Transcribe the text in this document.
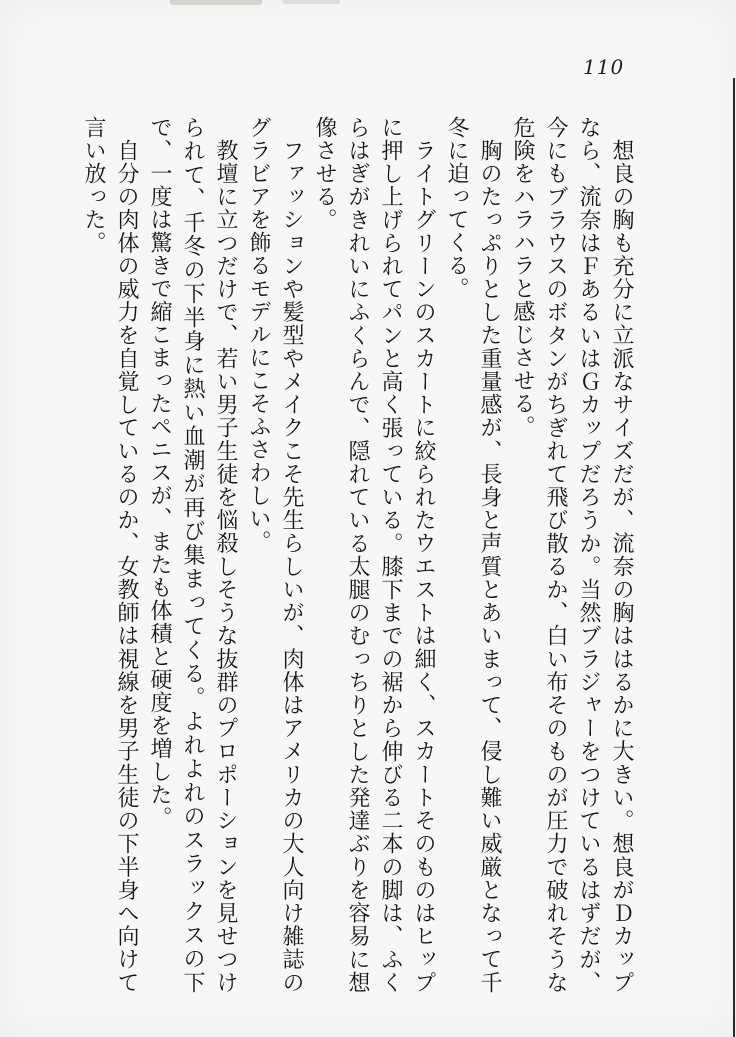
110

想良の胸も充分に立派なサイズだが、流奈の胸ははるかに大きい。想良がＤカップなら、流奈はＦあるいはＧカップだろうか。当然ブラジャーをつけているはずだが、今にもブラウスのボタンがちぎれて飛び散るか、白い布そのものが圧力で破れそうな危険をハラハラと感じさせる。

胸のたっぷりとした重量感が、長身と声質とあいまって、侵し難い威厳となって千冬に迫ってくる。

ライトグリーンのスカートに絞られたウエストは細く、スカートそのものはヒップに押し上げられてパンと高く張っている。膝下までの裾から伸びる二本の脚は、ふくらはぎがきれいにふくらんで、隠れている太腿のむっちりとした発達ぶりを容易に想像させる。

ファッションや髪型やメイクこそ先生らしいが、肉体はアメリカの大人向け雑誌のグラビアを飾るモデルにこそふさわしい。

教壇に立つだけで、若い男子生徒を悩殺しそうな抜群のプロポーションを見せつけられて、千冬の下半身に熱い血潮が再び集まってくる。よれよれのスラックスの下で、一度は驚きで縮こまったペニスが、またも体積と硬度を増した。

自分の肉体の威力を自覚しているのか、女教師は視線を男子生徒の下半身へ向けて言い放った。
